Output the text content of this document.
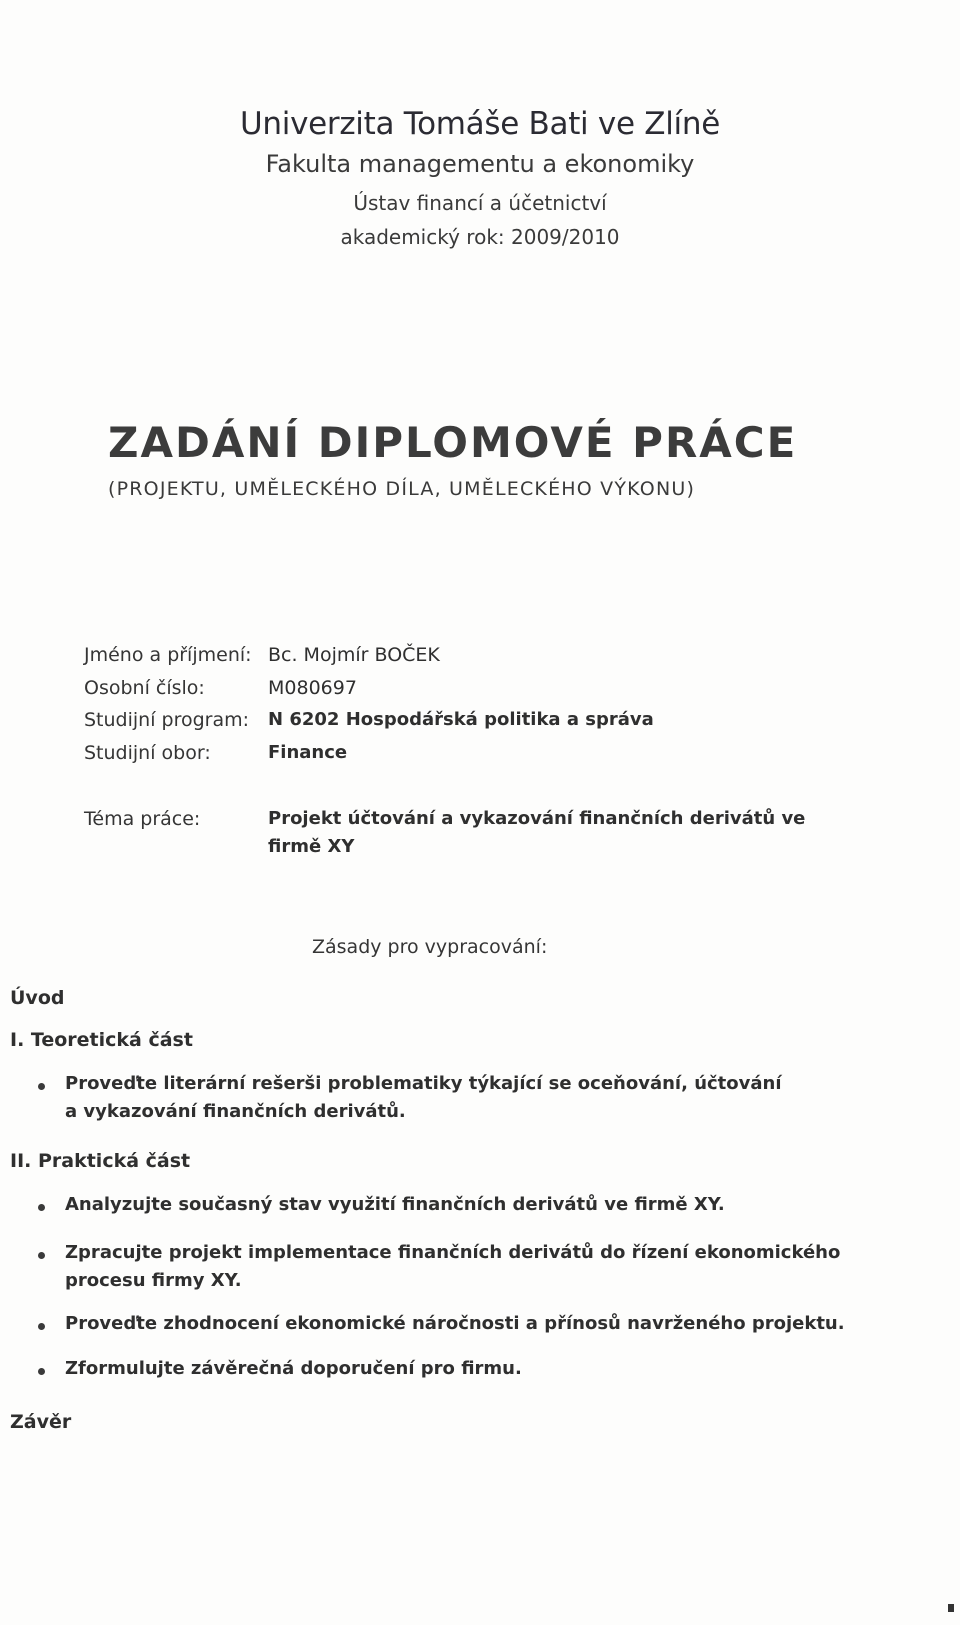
Univerzita Tomáše Bati ve Zlíně
Fakulta managementu a ekonomiky
Ústav financí a účetnictví
akademický rok: 2009/2010
ZADÁNÍ DIPLOMOVÉ PRÁCE
(PROJEKTU, UMĚLECKÉHO DÍLA, UMĚLECKÉHO VÝKONU)
Jméno a příjmení: Bc. Mojmír BOČEK
Osobní číslo:	M080697
Studijní program: N 6202 Hospodářská politika a správa
Studijní obor:	Finance
Téma práce:	Projekt účtování a vykazování finančních derivátů ve
firmě XY
Zásady pro vypracování:
Úvod
I. Teoretická část
Proveďte literární rešerši problematiky týkající se oceňování, účtování
a vykazování finančních derivátů.
II. Praktická část
Analyzujte současný stav využití finančních derivátů ve firmě XY.
Zpracujte projekt implementace finančních derivátů do řízení ekonomického
procesu firmy XY.
Proveďte zhodnocení ekonomické náročnosti a přínosů navrženého projektu.
Zformulujte závěrečná doporučení pro firmu.
Závěr
